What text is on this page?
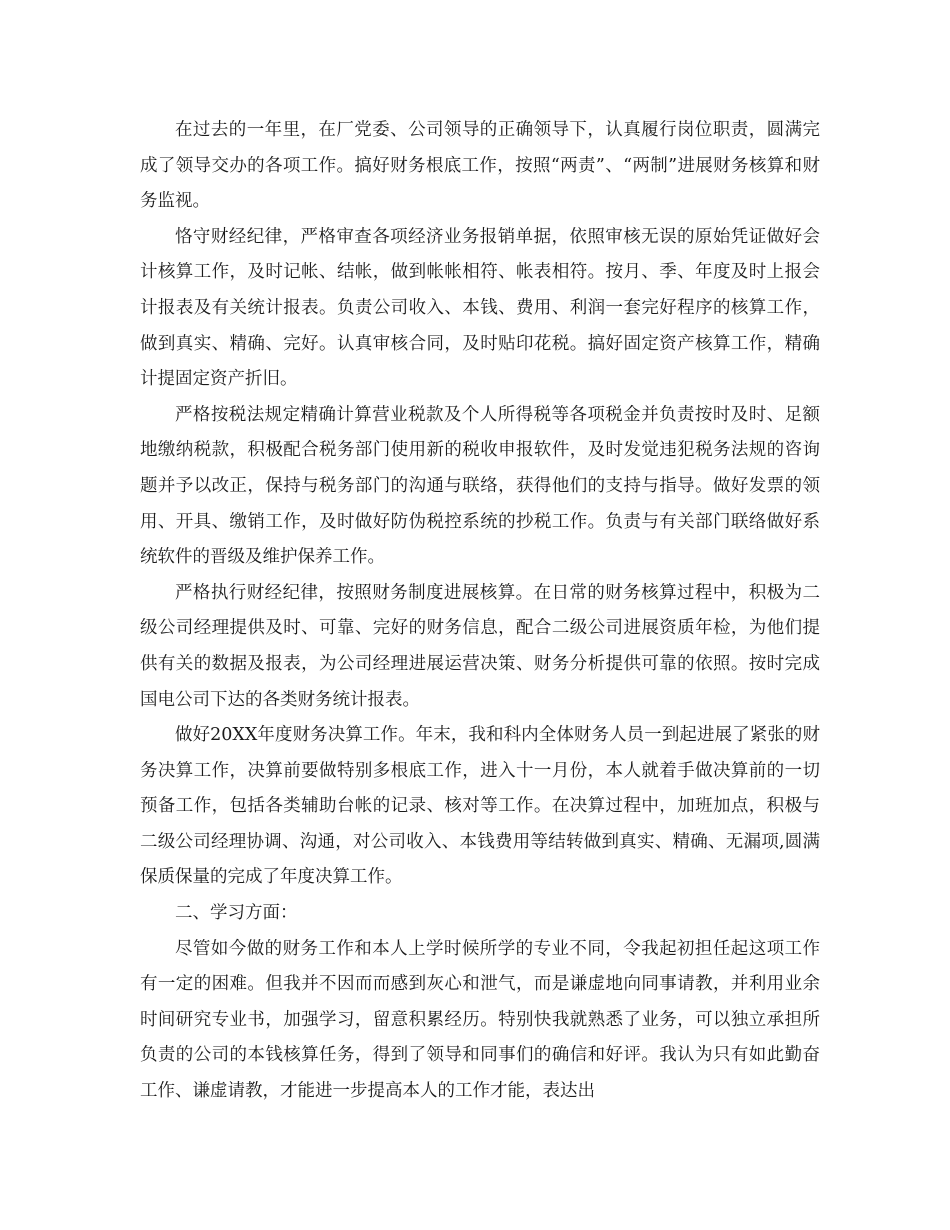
在过去的一年里，在厂党委、公司领导的正确领导下，认真履行岗位职责，圆满完成了领导交办的各项工作。搞好财务根底工作，按照“两责”、“两制”进展财务核算和财务监视。

恪守财经纪律，严格审查各项经济业务报销单据，依照审核无误的原始凭证做好会计核算工作，及时记帐、结帐，做到帐帐相符、帐表相符。按月、季、年度及时上报会计报表及有关统计报表。负责公司收入、本钱、费用、利润一套完好程序的核算工作，做到真实、精确、完好。认真审核合同，及时贴印花税。搞好固定资产核算工作，精确计提固定资产折旧。

严格按税法规定精确计算营业税款及个人所得税等各项税金并负责按时及时、足额地缴纳税款，积极配合税务部门使用新的税收申报软件，及时发觉违犯税务法规的咨询题并予以改正，保持与税务部门的沟通与联络，获得他们的支持与指导。做好发票的领用、开具、缴销工作，及时做好防伪税控系统的抄税工作。负责与有关部门联络做好系统软件的晋级及维护保养工作。

严格执行财经纪律，按照财务制度进展核算。在日常的财务核算过程中，积极为二级公司经理提供及时、可靠、完好的财务信息，配合二级公司进展资质年检，为他们提供有关的数据及报表，为公司经理进展运营决策、财务分析提供可靠的依照。按时完成国电公司下达的各类财务统计报表。

做好20XX年度财务决算工作。年末，我和科内全体财务人员一到起进展了紧张的财务决算工作，决算前要做特别多根底工作，进入十一月份，本人就着手做决算前的一切预备工作，包括各类辅助台帐的记录、核对等工作。在决算过程中，加班加点，积极与二级公司经理协调、沟通，对公司收入、本钱费用等结转做到真实、精确、无漏项,圆满保质保量的完成了年度决算工作。

二、学习方面：

尽管如今做的财务工作和本人上学时候所学的专业不同，令我起初担任起这项工作有一定的困难。但我并不因而而感到灰心和泄气，而是谦虚地向同事请教，并利用业余时间研究专业书，加强学习，留意积累经历。特别快我就熟悉了业务，可以独立承担所负责的公司的本钱核算任务，得到了领导和同事们的确信和好评。我认为只有如此勤奋工作、谦虚请教，才能进一步提高本人的工作才能，表达出
